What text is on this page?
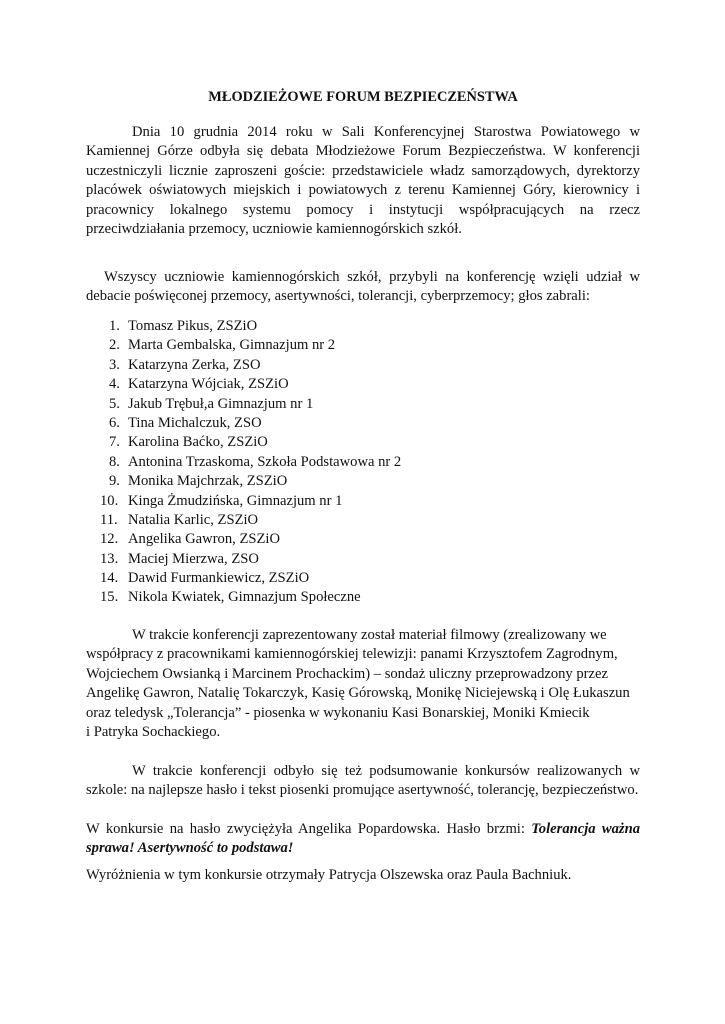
MŁODZIEŻOWE FORUM BEZPIECZEŃSTWA

Dnia 10 grudnia 2014 roku w Sali Konferencyjnej Starostwa Powiatowego w Kamiennej Górze odbyła się debata Młodzieżowe Forum Bezpieczeństwa. W konferencji uczestniczyli licznie zaproszeni goście: przedstawiciele władz samorządowych, dyrektorzy placówek oświatowych miejskich i powiatowych z terenu Kamiennej Góry, kierownicy i pracownicy lokalnego systemu pomocy i instytucji współpracujących na rzecz przeciwdziałania przemocy, uczniowie kamiennogórskich szkół.

Wszyscy uczniowie kamiennogórskich szkół, przybyli na konferencję wzięli udział w debacie poświęconej przemocy, asertywności, tolerancji, cyberprzemocy; głos zabrali:

1. Tomasz Pikus, ZSZiO
2. Marta Gembalska, Gimnazjum nr 2
3. Katarzyna Zerka, ZSO
4. Katarzyna Wójciak, ZSZiO
5. Jakub Trębuł,a Gimnazjum nr 1
6. Tina Michalczuk, ZSO
7. Karolina Baćko, ZSZiO
8. Antonina Trzaskoma, Szkoła Podstawowa nr 2
9. Monika Majchrzak, ZSZiO
10. Kinga Żmudzińska, Gimnazjum nr 1
11. Natalia Karlic, ZSZiO
12. Angelika Gawron, ZSZiO
13. Maciej Mierzwa, ZSO
14. Dawid Furmankiewicz, ZSZiO
15. Nikola Kwiatek, Gimnazjum Społeczne
W trakcie konferencji zaprezentowany został materiał filmowy (zrealizowany we
współpracy z pracownikami kamiennogórskiej telewizji: panami Krzysztofem Zagrodnym,
Wojciechem Owsianką i Marcinem Prochackim) – sondaż uliczny przeprowadzony przez
Angelikę Gawron, Natalię Tokarczyk, Kasię Górowską, Monikę Niciejewską i Olę Łukaszun
oraz teledysk „Tolerancja” - piosenka w wykonaniu Kasi Bonarskiej, Moniki Kmiecik
i Patryka Sochackiego.

W trakcie konferencji odbyło się też podsumowanie konkursów realizowanych w szkole: na najlepsze hasło i tekst piosenki promujące asertywność, tolerancję, bezpieczeństwo.

W konkursie na hasło zwyciężyła Angelika Popardowska. Hasło brzmi: Tolerancja ważna sprawa! Asertywność to podstawa!

Wyróżnienia w tym konkursie otrzymały Patrycja Olszewska oraz Paula Bachniuk.
